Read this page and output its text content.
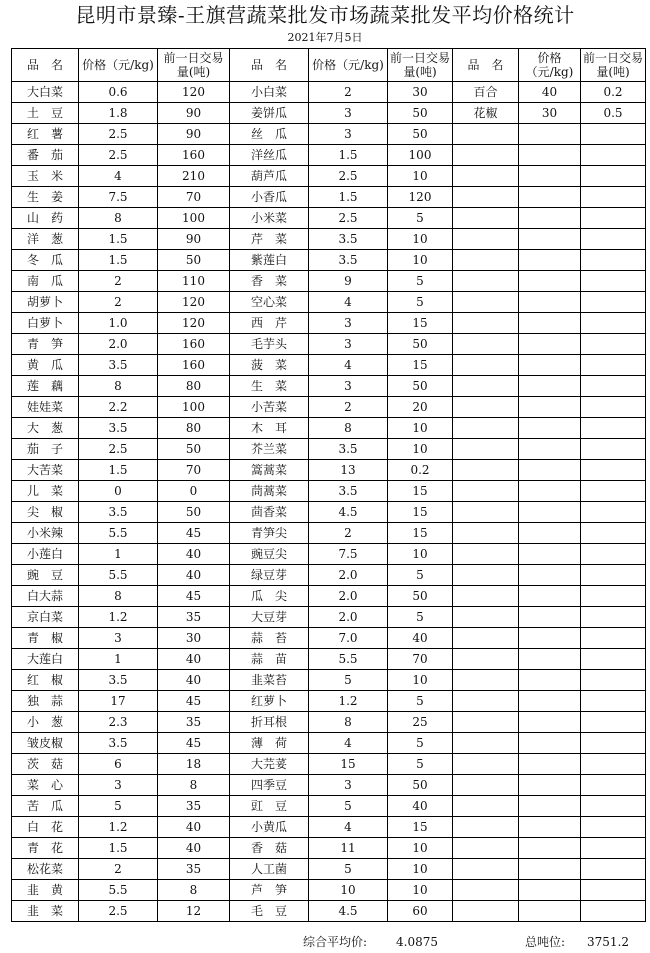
昆明市景臻-王旗营蔬菜批发市场蔬菜批发平均价格统计
2021年7月5日
品　名	价格（元/kg)	前一日交易量(吨)	品　名	价格（元/kg)	前一日交易量(吨)	品　名	价格（元/kg)	前一日交易量(吨)
大白菜	0.6	120	小白菜	2	30	百合	40	0.2
土　豆	1.8	90	姜饼瓜	3	50	花椒	30	0.5
红　薯	2.5	90	丝　瓜	3	50			
番　茄	2.5	160	洋丝瓜	1.5	100			
玉　米	4	210	葫芦瓜	2.5	10			
生　姜	7.5	70	小香瓜	1.5	120			
山　药	8	100	小米菜	2.5	5			
洋　葱	1.5	90	芹　菜	3.5	10			
冬　瓜	1.5	50	紫莲白	3.5	10			
南　瓜	2	110	香　菜	9	5			
胡萝卜	2	120	空心菜	4	5			
白萝卜	1.0	120	西　芹	3	15			
青　笋	2.0	160	毛芋头	3	50			
黄　瓜	3.5	160	菠　菜	4	15			
莲　藕	8	80	生　菜	3	50			
娃娃菜	2.2	100	小苦菜	2	20			
大　葱	3.5	80	木　耳	8	10			
茄　子	2.5	50	芥兰菜	3.5	10			
大苦菜	1.5	70	篙蒿菜	13	0.2			
儿　菜	0	0	茼蒿菜	3.5	15			
尖　椒	3.5	50	茴香菜	4.5	15			
小米辣	5.5	45	青笋尖	2	15			
小莲白	1	40	豌豆尖	7.5	10			
豌　豆	5.5	40	绿豆芽	2.0	5			
白大蒜	8	45	瓜　尖	2.0	50			
京白菜	1.2	35	大豆芽	2.0	5			
青　椒	3	30	蒜　苔	7.0	40			
大莲白	1	40	蒜　苗	5.5	70			
红　椒	3.5	40	韭菜苔	5	10			
独　蒜	17	45	红萝卜	1.2	5			
小　葱	2.3	35	折耳根	8	25			
皱皮椒	3.5	45	薄　荷	4	5			
茨　菇	6	18	大芫荽	15	5			
菜　心	3	8	四季豆	3	50			
苦　瓜	5	35	豇　豆	5	40			
白　花	1.2	40	小黄瓜	4	15			
青　花	1.5	40	香　菇	11	10			
松花菜	2	35	人工菌	5	10			
韭　黄	5.5	8	芦　笋	10	10			
韭　菜	2.5	12	毛　豆	4.5	60			
综合平均价: 4.0875	总吨位: 3751.2
